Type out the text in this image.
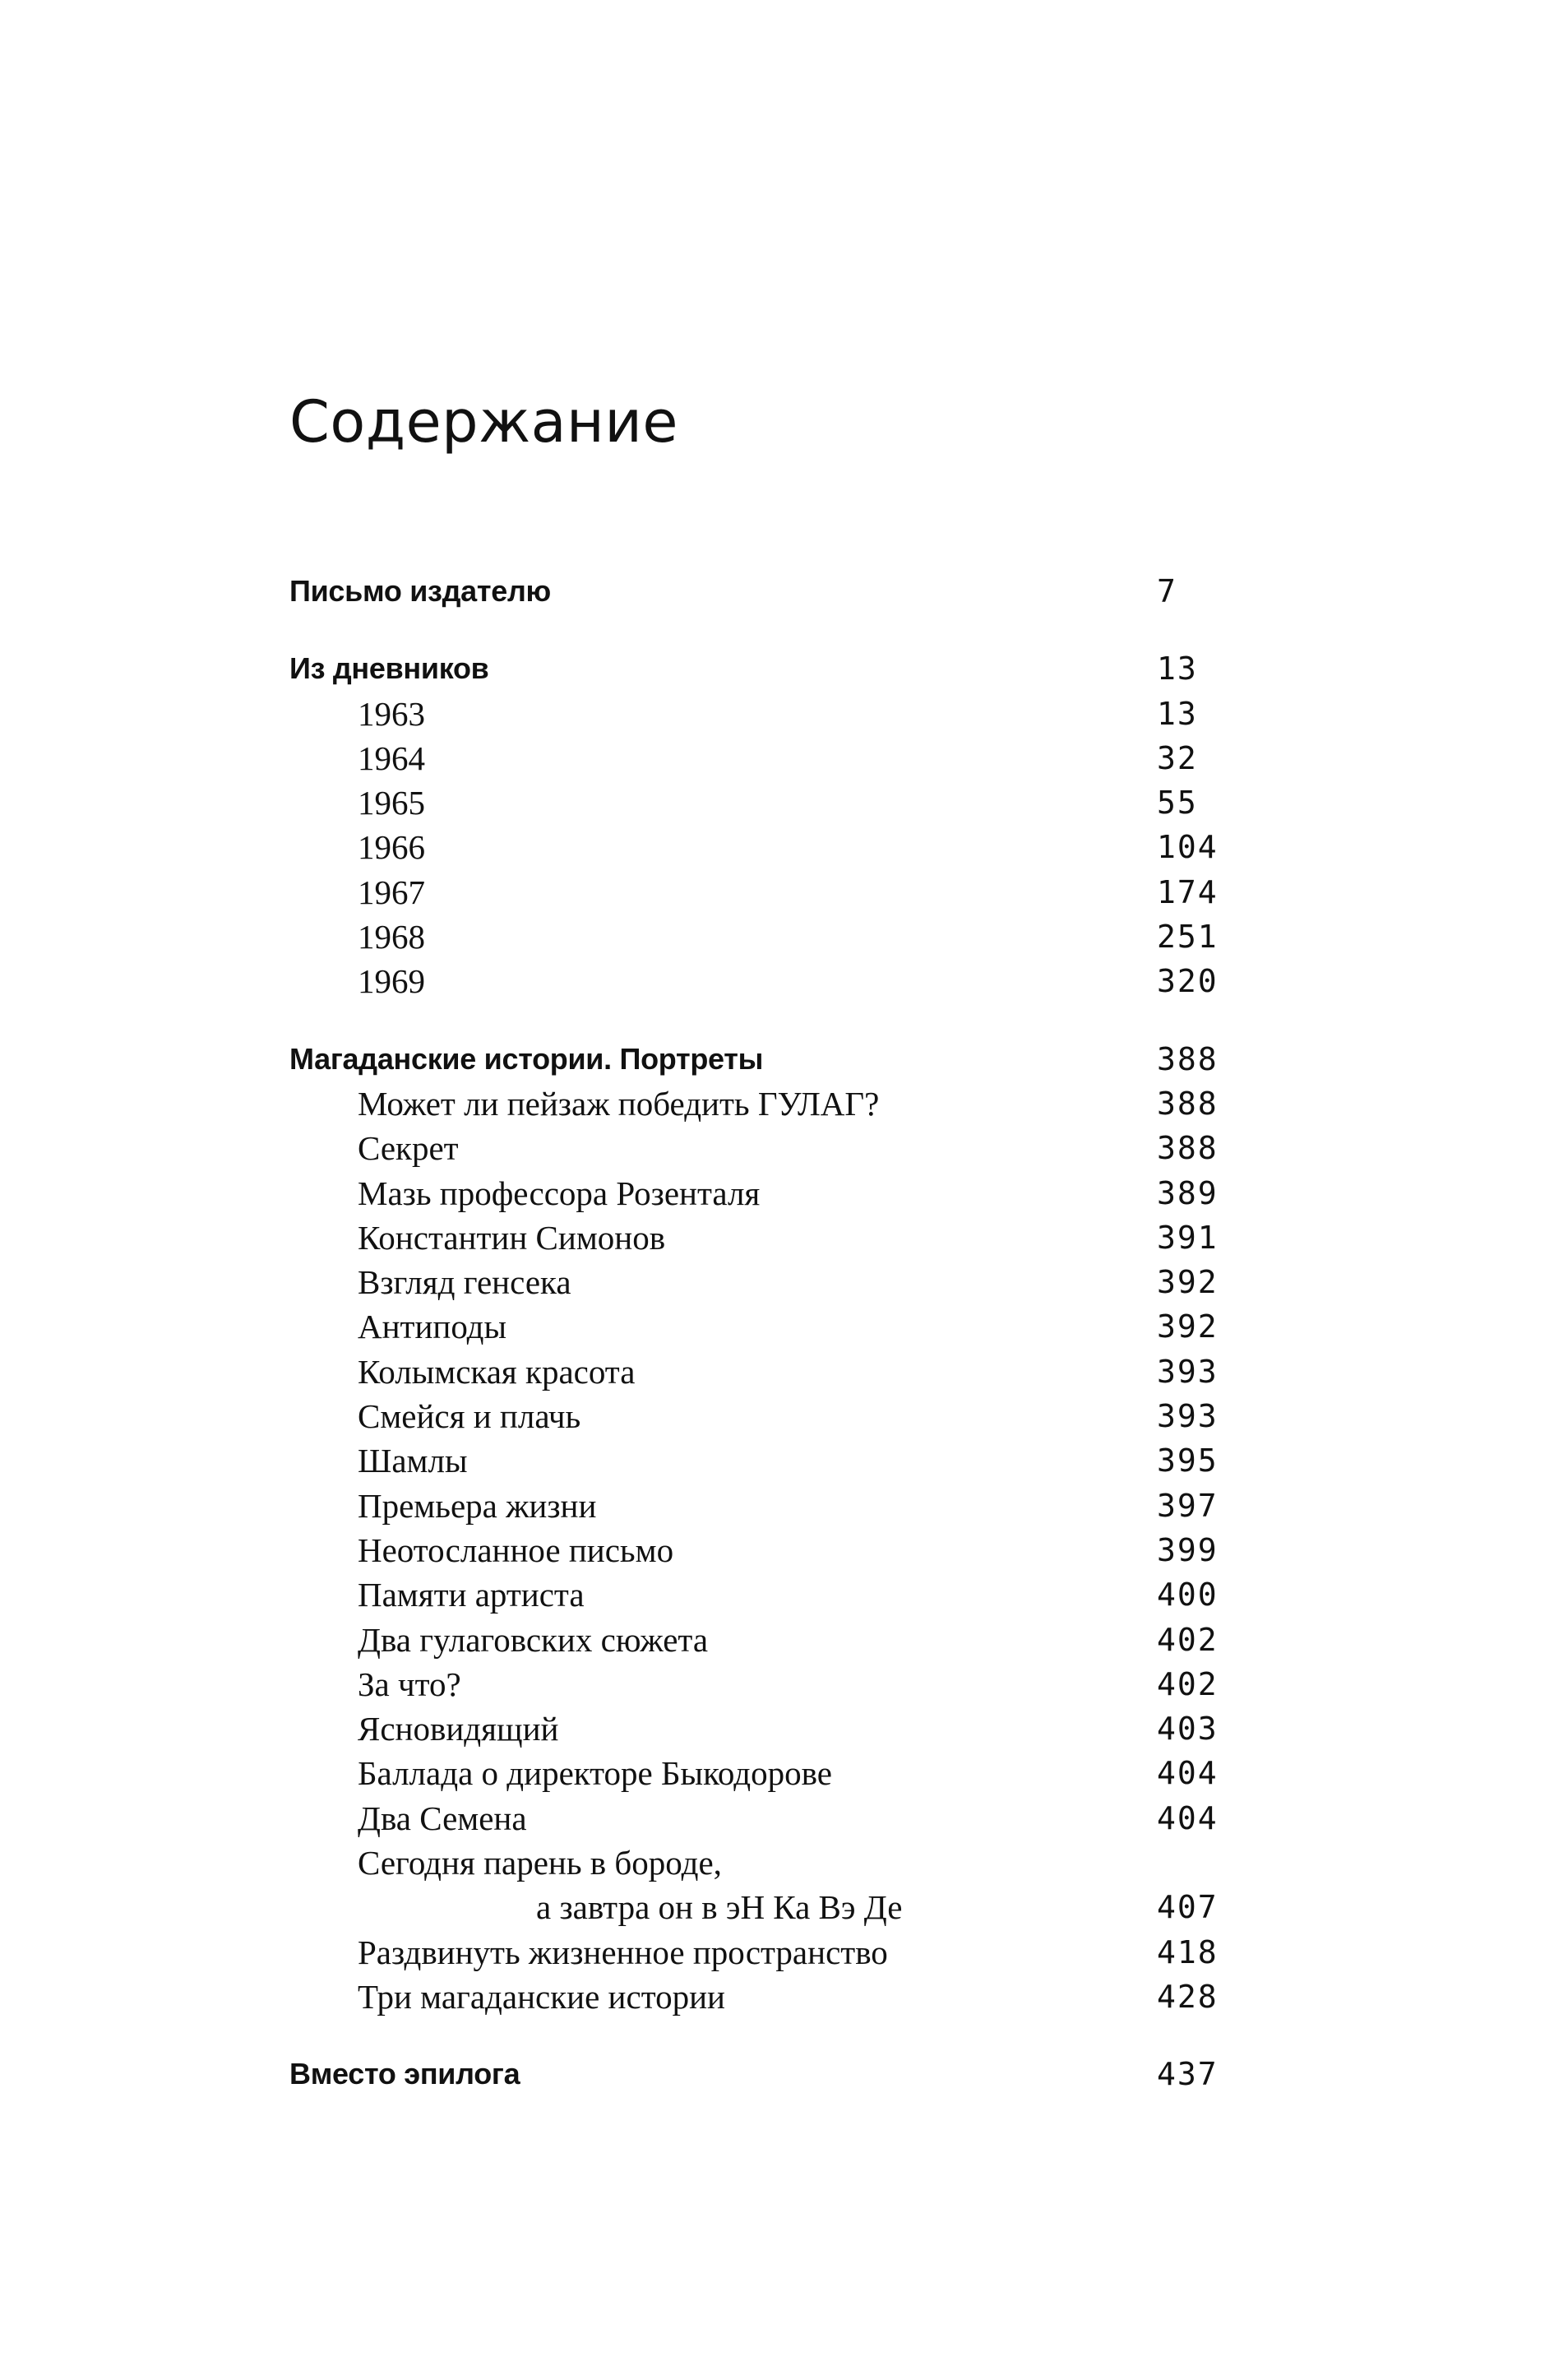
Содержание
Письмо издателю	7
Из дневников	13
1963	13
1964	32
1965	55
1966	104
1967	174
1968	251
1969	320
Магаданские истории. Портреты	388
Может ли пейзаж победить ГУЛАГ?	388
Секрет	388
Мазь профессора Розенталя	389
Константин Симонов	391
Взгляд генсека	392
Антиподы	392
Колымская красота	393
Смейся и плачь	393
Шамлы	395
Премьера жизни	397
Неотосланное письмо	399
Памяти артиста	400
Два гулаговских сюжета	402
За что?	402
Ясновидящий	403
Баллада о директоре Быкодорове	404
Два Семена	404
Сегодня парень в бороде,
а завтра он в эН Ка Вэ Де	407
Раздвинуть жизненное пространство	418
Три магаданские истории	428
Вместо эпилога	437
